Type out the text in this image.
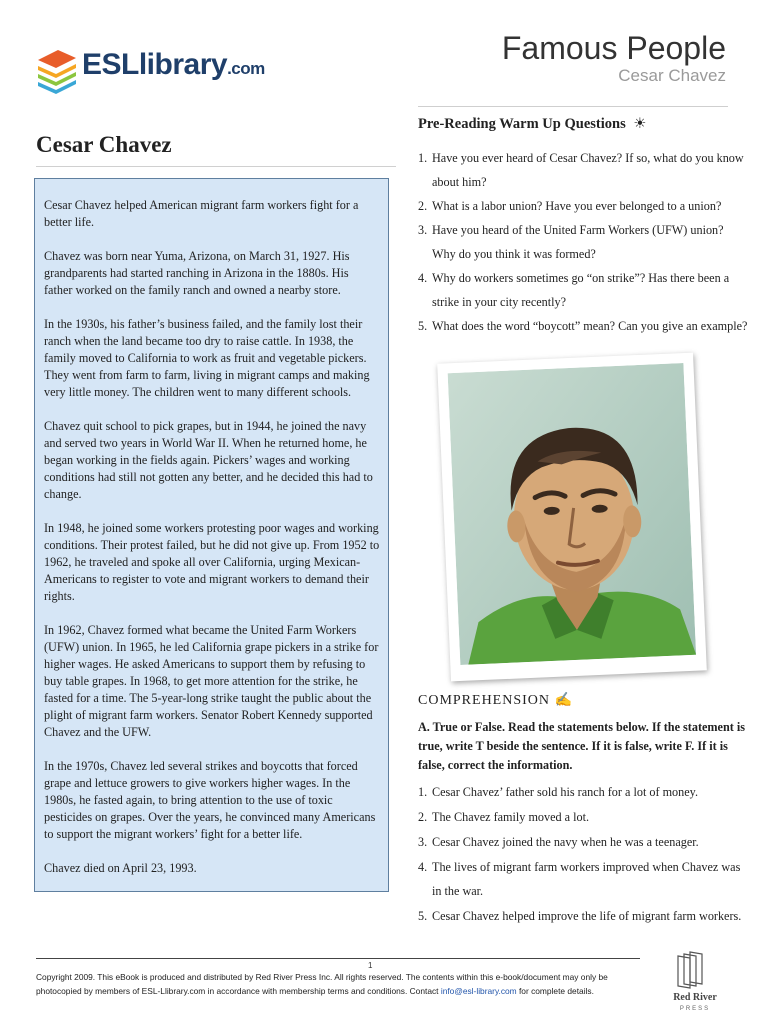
ESLlibrary.com
Famous People
Cesar Chavez
Cesar Chavez

Cesar Chavez helped American migrant farm workers fight for a better life.

Chavez was born near Yuma, Arizona, on March 31, 1927. His grandparents had started ranching in Arizona in the 1880s. His father worked on the family ranch and owned a nearby store.

In the 1930s, his father’s business failed, and the family lost their ranch when the land became too dry to raise cattle. In 1938, the family moved to California to work as fruit and vegetable pickers. They went from farm to farm, living in migrant camps and making very little money. The children went to many different schools.

Chavez quit school to pick grapes, but in 1944, he joined the navy and served two years in World War II. When he returned home, he began working in the fields again. Pickers’ wages and working conditions had still not gotten any better, and he decided this had to change.

In 1948, he joined some workers protesting poor wages and working conditions. Their protest failed, but he did not give up. From 1952 to 1962, he traveled and spoke all over California, urging Mexican-Americans to register to vote and migrant workers to demand their rights.

In 1962, Chavez formed what became the United Farm Workers (UFW) union. In 1965, he led California grape pickers in a strike for higher wages. He asked Americans to support them by refusing to buy table grapes. In 1968, to get more attention for the strike, he fasted for a time. The 5-year-long strike taught the public about the plight of migrant farm workers. Senator Robert Kennedy supported Chavez and the UFW.

In the 1970s, Chavez led several strikes and boycotts that forced grape and lettuce growers to give workers higher wages. In the 1980s, he fasted again, to bring attention to the use of toxic pesticides on grapes. Over the years, he convinced many Americans to support the migrant workers’ fight for a better life.

Chavez died on April 23, 1993.

Pre-Reading Warm Up Questions ☀
1. Have you ever heard of Cesar Chavez? If so, what do you know about him?
2. What is a labor union? Have you ever belonged to a union?
3. Have you heard of the United Farm Workers (UFW) union? Why do you think it was formed?
4. Why do workers sometimes go “on strike”? Has there been a strike in your city recently?
5. What does the word “boycott” mean? Can you give an example?
COMPREHENSION ✍
A. True or False. Read the statements below. If the statement is true, write T beside the sentence. If it is false, write F. If it is false, correct the information.
1. Cesar Chavez’ father sold his ranch for a lot of money.
2. The Chavez family moved a lot.
3. Cesar Chavez joined the navy when he was a teenager.
4. The lives of migrant farm workers improved when Chavez was in the war.
5. Cesar Chavez helped improve the life of migrant farm workers.
1
Copyright 2009. This eBook is produced and distributed by Red River Press Inc. All rights reserved. The contents within this e-book/document may only be photocopied by members of ESL-Llibrary.com in accordance with membership terms and conditions. Contact info@esl-library.com for complete details.
Red River
PRESS
